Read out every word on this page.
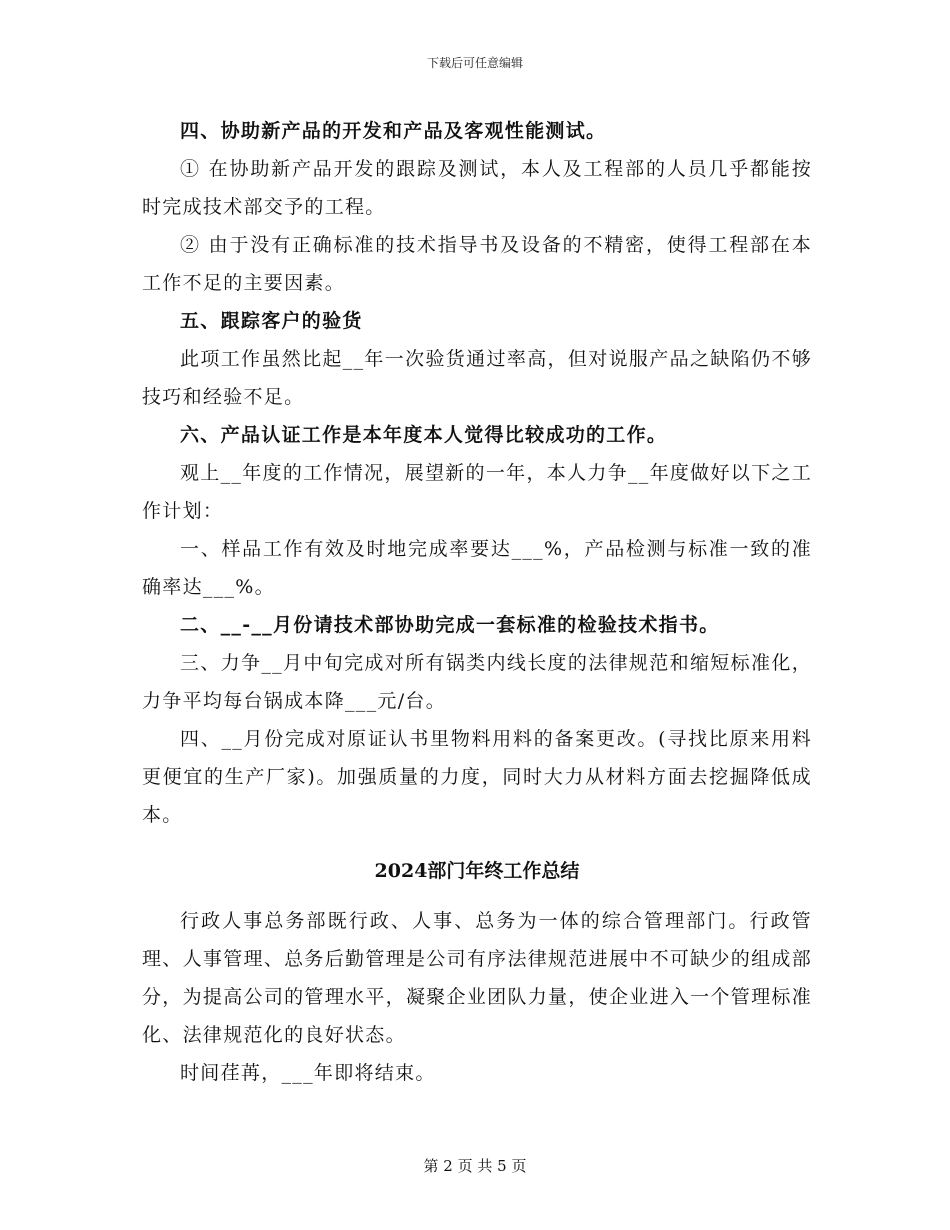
下载后可任意编辑

四、协助新产品的开发和产品及客观性能测试。

① 在协助新产品开发的跟踪及测试，本人及工程部的人员几乎都能按时完成技术部交予的工程。

② 由于没有正确标准的技术指导书及设备的不精密，使得工程部在本工作不足的主要因素。

五、跟踪客户的验货

此项工作虽然比起__年一次验货通过率高，但对说服产品之缺陷仍不够技巧和经验不足。

六、产品认证工作是本年度本人觉得比较成功的工作。

观上__年度的工作情况，展望新的一年，本人力争__年度做好以下之工作计划：

一、样品工作有效及时地完成率要达___%，产品检测与标准一致的准确率达___%。

二、__-__月份请技术部协助完成一套标准的检验技术指书。

三、力争__月中旬完成对所有锅类内线长度的法律规范和缩短标准化，力争平均每台锅成本降___元/台。

四、__月份完成对原证认书里物料用料的备案更改。(寻找比原来用料更便宜的生产厂家)。加强质量的力度，同时大力从材料方面去挖掘降低成本。

2024部门年终工作总结

行政人事总务部既行政、人事、总务为一体的综合管理部门。行政管理、人事管理、总务后勤管理是公司有序法律规范进展中不可缺少的组成部分，为提高公司的管理水平，凝聚企业团队力量，使企业进入一个管理标准化、法律规范化的良好状态。

时间荏苒，___年即将结束。

第 2 页 共 5 页
